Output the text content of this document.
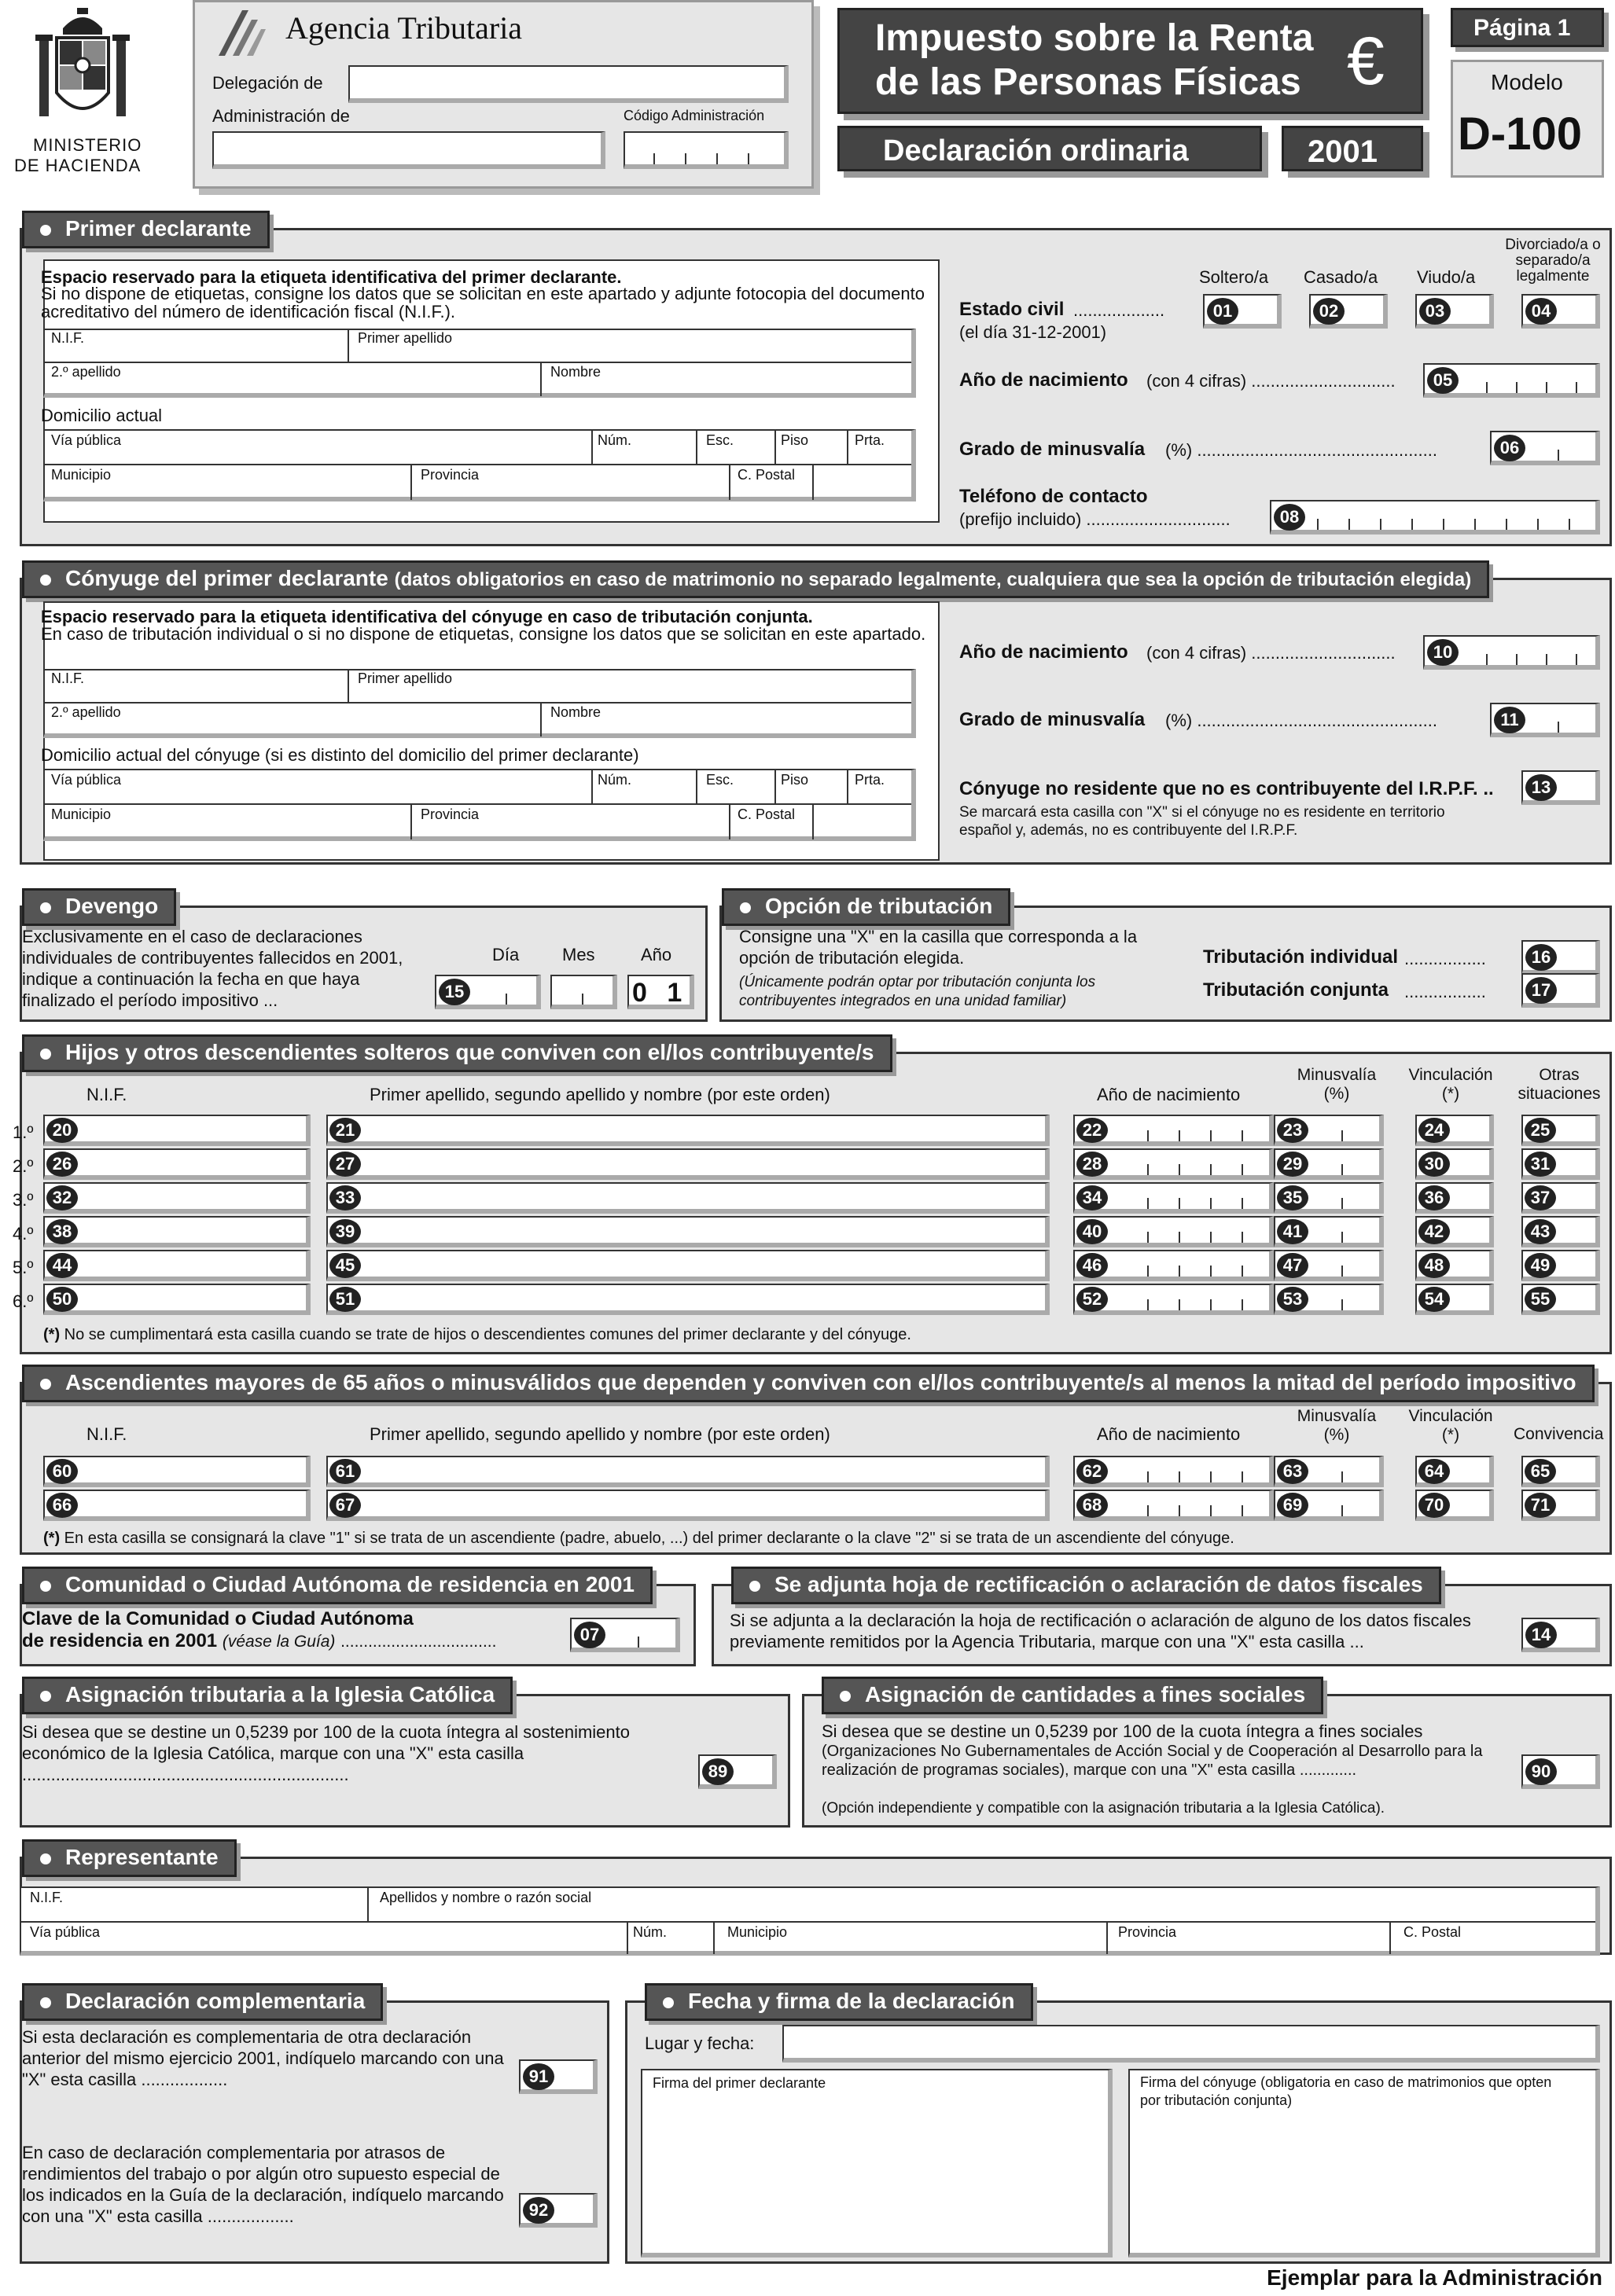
MINISTERIO
DE HACIENDA
Agencia Tributaria
Delegación de
Administración de	Código Administración
Impuesto sobre la Renta
de las Personas Físicas €
Declaración ordinaria	2001
Página 1
Modelo
D-100
Primer declarante
Espacio reservado para la etiqueta identificativa del primer declarante.
Si no dispone de etiquetas, consigne los datos que se solicitan en este apartado y adjunte fotocopia del documento acreditativo del número de identificación fiscal (N.I.F.).
N.I.F.	Primer apellido
2.º apellido	Nombre
Domicilio actual
Vía pública	Núm.	Esc.	Piso	Prta.
Municipio	Provincia	C. Postal
Soltero/a Casado/a Viudo/a
Divorciado/a o separado/a legalmente
Estado civil ...................
(el día 31-12-2001)
01	02	03	04
Año de nacimiento (con 4 cifras) ..............................	05
Grado de minusvalía (%) ..................................................	06
Teléfono de contacto
(prefijo incluido) ..............................	08
Cónyuge del primer declarante (datos obligatorios en caso de matrimonio no separado legalmente, cualquiera que sea la opción de tributación elegida)
Espacio reservado para la etiqueta identificativa del cónyuge en caso de tributación conjunta.
En caso de tributación individual o si no dispone de etiquetas, consigne los datos que se solicitan en este apartado.
N.I.F.	Primer apellido
2.º apellido	Nombre
Domicilio actual del cónyuge (si es distinto del domicilio del primer declarante)
Vía pública	Núm.	Esc.	Piso	Prta.
Municipio	Provincia	C. Postal
Año de nacimiento (con 4 cifras) ..............................	10
Grado de minusvalía (%) ..................................................	11
Cónyuge no residente que no es contribuyente del I.R.P.F. ..
Se marcará esta casilla con "X" si el cónyuge no es residente en territorio español y, además, no es contribuyente del I.R.P.F.
13
Devengo
Exclusivamente en el caso de declaraciones individuales de contribuyentes fallecidos en 2001, indique a continuación la fecha en que haya finalizado el período impositivo ...
Día Mes	Año
15	0 1
Opción de tributación
Consigne una "X" en la casilla que corresponda a la opción de tributación elegida.
(Únicamente podrán optar por tributación conjunta los contribuyentes integrados en una unidad familiar)
Tributación individual .................	16
Tributación conjunta .................	17
Hijos y otros descendientes solteros que conviven con el/los contribuyente/s
N.I.F.	Primer apellido, segundo apellido y nombre (por este orden)	Año de nacimiento
Minusvalía (%)
Vinculación (*)
Otras situaciones
1.º	20	21	22	23	24	25
2.º	26	27	28	29	30	31
3.º	32	33	34	35	36	37
4.º	38	39	40	41	42	43
5.º	44	45	46	47	48	49
6.º	50	51	52	53	54	55
(*) No se cumplimentará esta casilla cuando se trate de hijos o descendientes comunes del primer declarante y del cónyuge.
Ascendientes mayores de 65 años o minusválidos que dependen y conviven con el/los contribuyente/s al menos la mitad del período impositivo
N.I.F.	Primer apellido, segundo apellido y nombre (por este orden)	Año de nacimiento
Minusvalía (%)
Vinculación (*)	Convivencia
60	61	62	63	64	65
66	67	68	69	70	71
(*) En esta casilla se consignará la clave "1" si se trata de un ascendiente (padre, abuelo, ...) del primer declarante o la clave "2" si se trata de un ascendiente del cónyuge.
Comunidad o Ciudad Autónoma de residencia en 2001
Clave de la Comunidad o Ciudad Autónoma
de residencia en 2001 (véase la Guía) ..................................	07
Se adjunta hoja de rectificación o aclaración de datos fiscales
Si se adjunta a la declaración la hoja de rectificación o aclaración de alguno de los datos fiscales previamente remitidos por la Agencia Tributaria, marque con una "X" esta casilla ...	14
Asignación tributaria a la Iglesia Católica
Si desea que se destine un 0,5239 por 100 de la cuota íntegra al sostenimiento económico de la Iglesia Católica, marque con una "X" esta casilla ....................................................................	89
Asignación de cantidades a fines sociales
Si desea que se destine un 0,5239 por 100 de la cuota íntegra a fines sociales
(Organizaciones No Gubernamentales de Acción Social y de Cooperación al Desarrollo para la realización de programas sociales), marque con una "X" esta casilla .............
(Opción independiente y compatible con la asignación tributaria a la Iglesia Católica).
90
Representante
N.I.F.	Apellidos y nombre o razón social
Vía pública	Núm.	Municipio	Provincia	C. Postal
Declaración complementaria
Si esta declaración es complementaria de otra declaración anterior del mismo ejercicio 2001, indíquelo marcando con una "X" esta casilla ..................	91
En caso de declaración complementaria por atrasos de rendimientos del trabajo o por algún otro supuesto especial de los indicados en la Guía de la declaración, indíquelo marcando con una "X" esta casilla ..................	92
Fecha y firma de la declaración
Lugar y fecha:
Firma del primer declarante	Firma del cónyuge (obligatoria en caso de matrimonios que opten por tributación conjunta)
Ejemplar para la Administración
